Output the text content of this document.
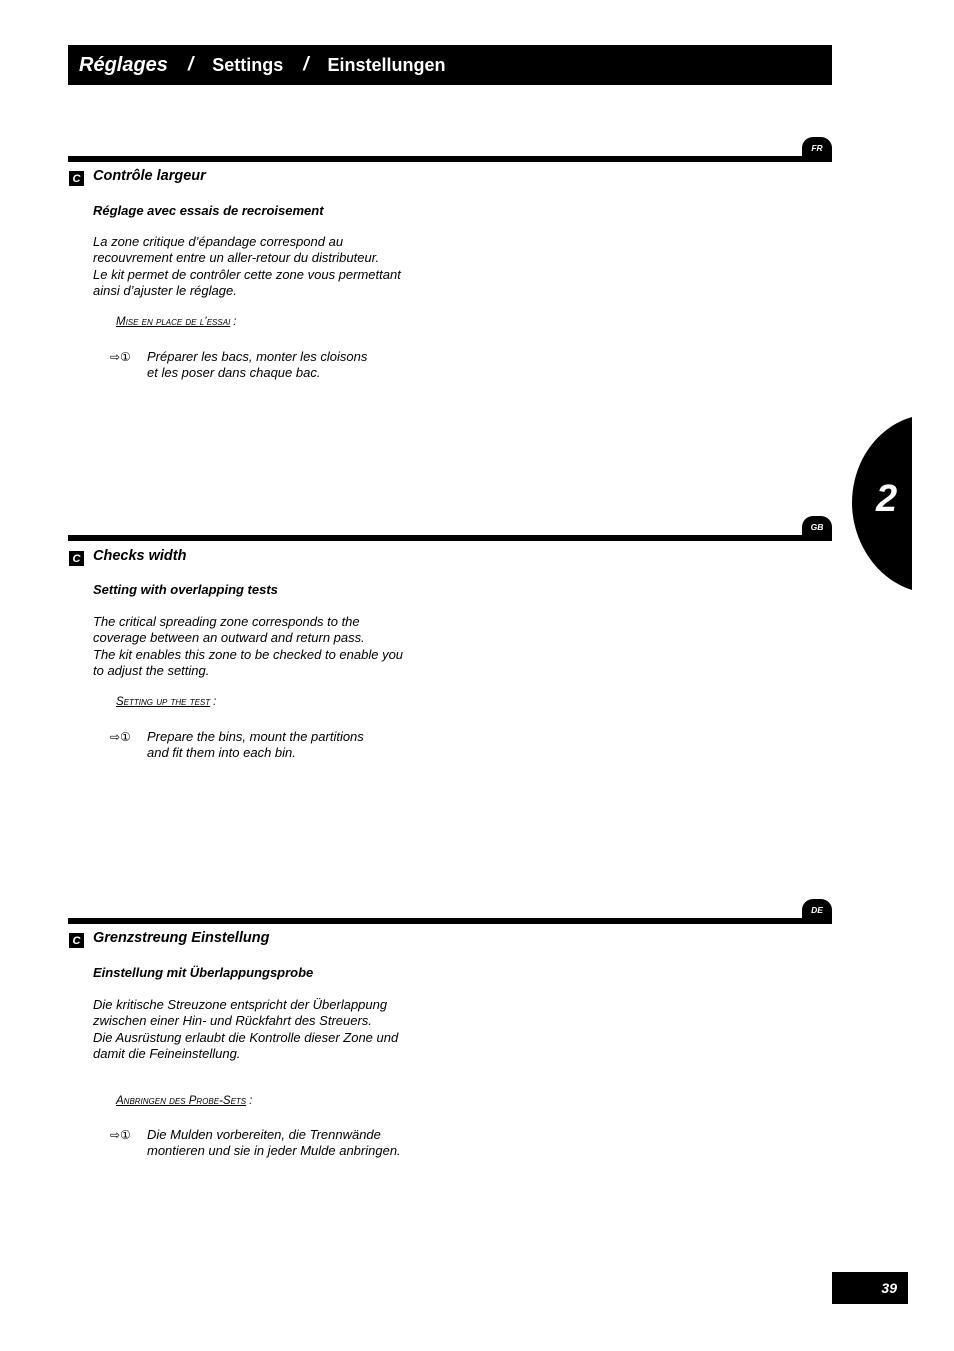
Réglages / Settings / Einstellungen
FR
C Contrôle largeur
Réglage avec essais de recroisement
La zone critique d’épandage correspond au
recouvrement entre un aller-retour du distributeur.
Le kit permet de contrôler cette zone vous permettant
ainsi d’ajuster le réglage.
Mise en place de l’essai :
⇨① Préparer les bacs, monter les cloisons
et les poser dans chaque bac.
GB
C Checks width
Setting with overlapping tests
The critical spreading zone corresponds to the
coverage between an outward and return pass.
The kit enables this zone to be checked to enable you
to adjust the setting.
Setting up the test :
⇨① Prepare the bins, mount the partitions
and fit them into each bin.
DE
C Grenzstreung Einstellung
Einstellung mit Überlappungsprobe
Die kritische Streuzone entspricht der Überlappung
zwischen einer Hin- und Rückfahrt des Streuers.
Die Ausrüstung erlaubt die Kontrolle dieser Zone und
damit die Feineinstellung.
Anbringen des Probe-Sets :
⇨① Die Mulden vorbereiten, die Trennwände
montieren und sie in jeder Mulde anbringen.
2
39
